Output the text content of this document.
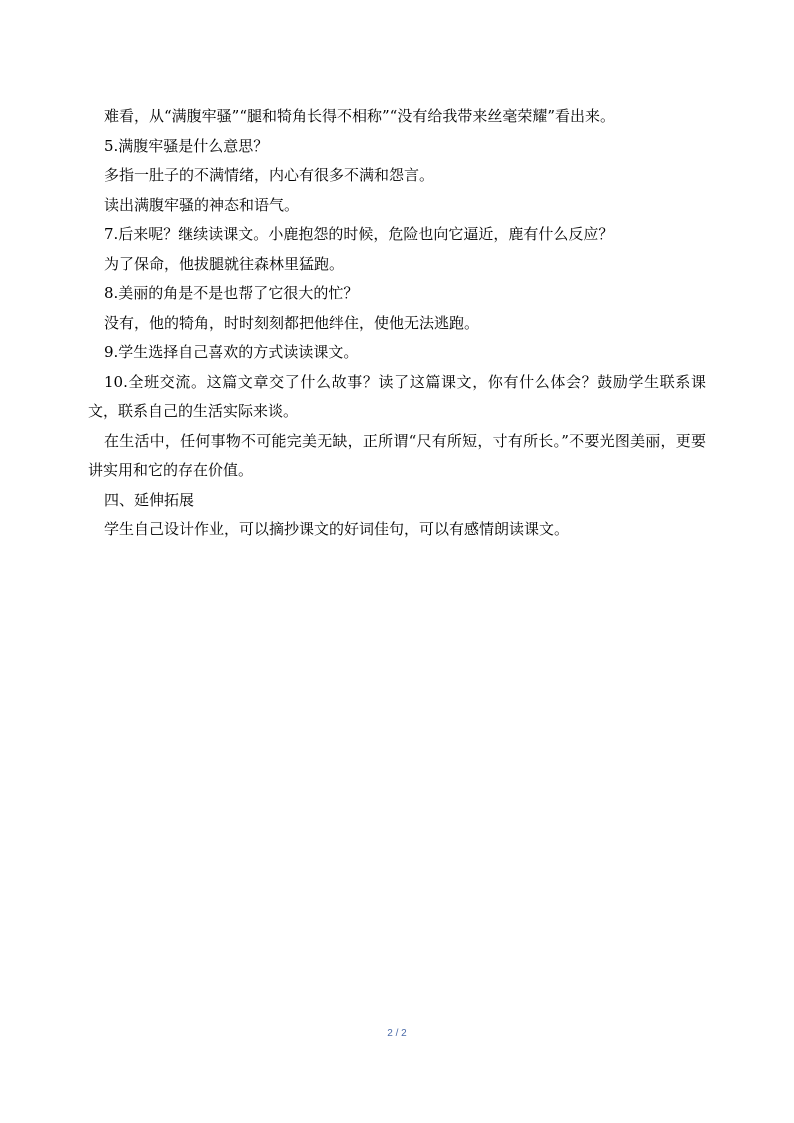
难看，从“满腹牢骚”“腿和犄角长得不相称”“没有给我带来丝毫荣耀”看出来。

5.满腹牢骚是什么意思？

多指一肚子的不满情绪，内心有很多不满和怨言。

读出满腹牢骚的神态和语气。

7.后来呢？继续读课文。小鹿抱怨的时候，危险也向它逼近，鹿有什么反应？

为了保命，他拔腿就往森林里猛跑。

8.美丽的角是不是也帮了它很大的忙？

没有，他的犄角，时时刻刻都把他绊住，使他无法逃跑。

9.学生选择自己喜欢的方式读读课文。

10.全班交流。这篇文章交了什么故事？读了这篇课文，你有什么体会？鼓励学生联系课文，联系自己的生活实际来谈。

在生活中，任何事物不可能完美无缺，正所谓“尺有所短，寸有所长。”不要光图美丽，更要讲实用和它的存在价值。

四、延伸拓展

学生自己设计作业，可以摘抄课文的好词佳句，可以有感情朗读课文。

2 / 2
